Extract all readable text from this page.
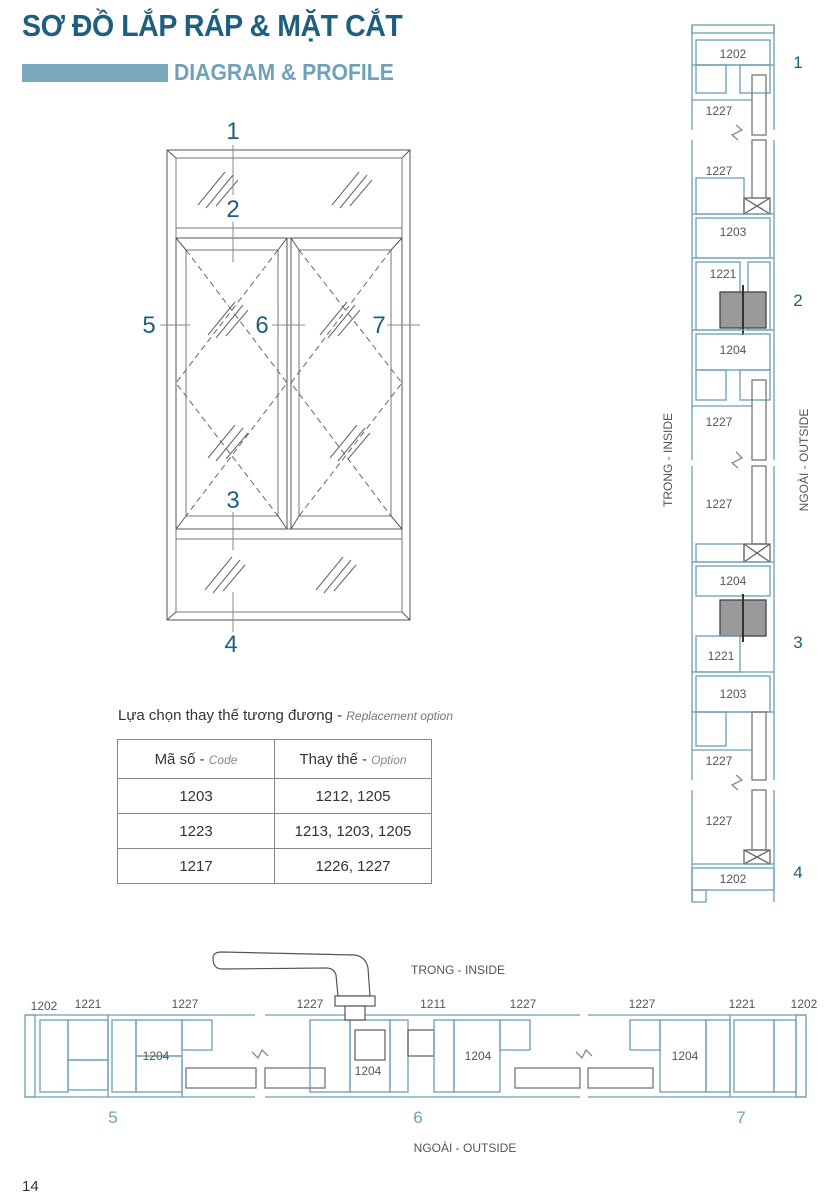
SƠ ĐỒ LẮP RÁP & MẶT CẮT
DIAGRAM & PROFILE
1
2
3
4
5	6	7
1202
1227
1227
1203
1221
1204
1227
1227
1204
1221
1203
1227
1227
1202
1
2
3
4
TRONG - INSIDE	NGOÀI - OUTSIDE
TRONG - INSIDE
NGOÀI - OUTSIDE
1202 1221	1227	1227	1211	1227	1227	1221	1202
1204
1204
1204	1204
5	6	7
Lựa chọn thay thế tương đương - Replacement option
Mã số - Code	Thay thế - Option
1203	1212, 1205
1223	1213, 1203, 1205
1217	1226, 1227
14
